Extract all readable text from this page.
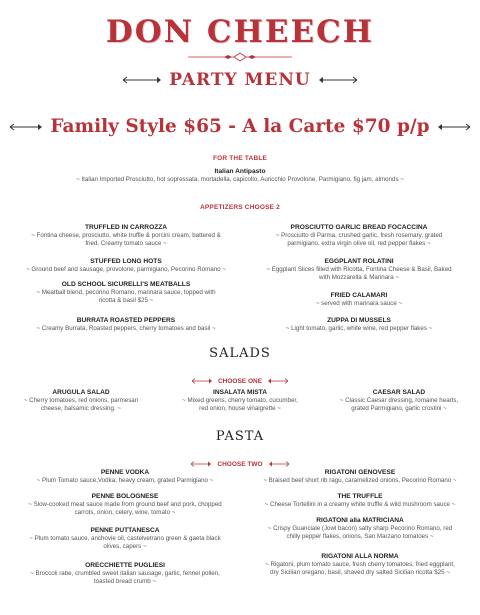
DON CHEECH
PARTY MENU
Family Style $65 - A la Carte $70 p/p
FOR THE TABLE
Italian Antipasto
~ Italian Imported Prosciutto, hot sopressata, mortadella, capicollo, Auricchio Provolone, Parmigiano, fig jam, almonds ~
APPETIZERS CHOOSE 2
TRUFFLED IN CARROZZA
~ Fontina cheese, prosciutto, white truffle & porcini cream, battered &
fried. Creamy tomato sauce ~
STUFFED LONG HOTS
~ Ground beef and sausage, provolone, parmigiano, Pecorino Romano ~
OLD SCHOOL SICURELLI'S MEATBALLS
~ Meatball blend, pecorino Romano, marinara sauce, topped with
ricotta & basil $25 ~
BURRATA ROASTED PEPPERS
~ Creamy Burrata, Roasted peppers, cherry tomatoes and basil ~
PROSCIUTTO GARLIC BREAD FOCACCINA
~ Prosciutto di Parma, crushed garlic, fresh rosemary, grated
parmigiano, extra virgin olive oil, red pepper flakes ~
EGGPLANT ROLATINI
~ Eggplant Slices filled with Ricotta, Fontina Cheese & Basil, Baked
with Mozzarella & Marinara ~
FRIED CALAMARI
~ served with marinara sauce ~
ZUPPA DI MUSSELS
~ Light tomato, garlic, white wine, red pepper flakes ~
SALADS
CHOOSE ONE
ARUGULA SALAD
~ Cherry tomatoes, red onions, parmesan
cheese, balsamic dressing. ~
INSALATA MISTA
~ Mixed greens, cherry tomato, cucumber,
red onion, house vinaigrette ~
CAESAR SALAD
~ Classic Caesar dressing, romaine hearts,
grated Parmigiano, garlic crostini ~
PASTA
CHOOSE TWO
PENNE VODKA
~ Plum Tomato sauce,Vodka, heavy cream, grated Parmigiano ~
PENNE BOLOGNESE
~ Slow-cooked meat sauce made from ground beef and pork, chopped
carrots, onion, celery, wine, tomato ~
PENNE PUTTANESCA
~ Plum tomato sauce, anchovie oil, castelvetrano green & gaeta black
olives, capers ~
ORECCHIETTE PUGLIESI
~ Broccoli rabe, crumbled sweet italian sausage, garlic, fennel pollen,
toasted bread crumb ~
RIGATONI GENOVESE
~ Braised beef short rib ragu, caramelized onions, Pecorino Romano ~
THE TRUFFLE
~ Cheese Tortellini in a creamy white truffle & wild mushroom sauce ~
RIGATONI alla MATRICIANA
~ Crispy Guanciale (Jowl bacon) salty sharp Pecorino Romano, red
chilly pepper flakes, onions, San Marzano tomatoes ~
RIGATONI ALLA NORMA
~ Rigatoni, plum tomato sauce, fresh cherry tomatoes, fried eggplant,
dry Sicilian oregano, basil, shaved dry salted Sicilian ricotta $25 ~
